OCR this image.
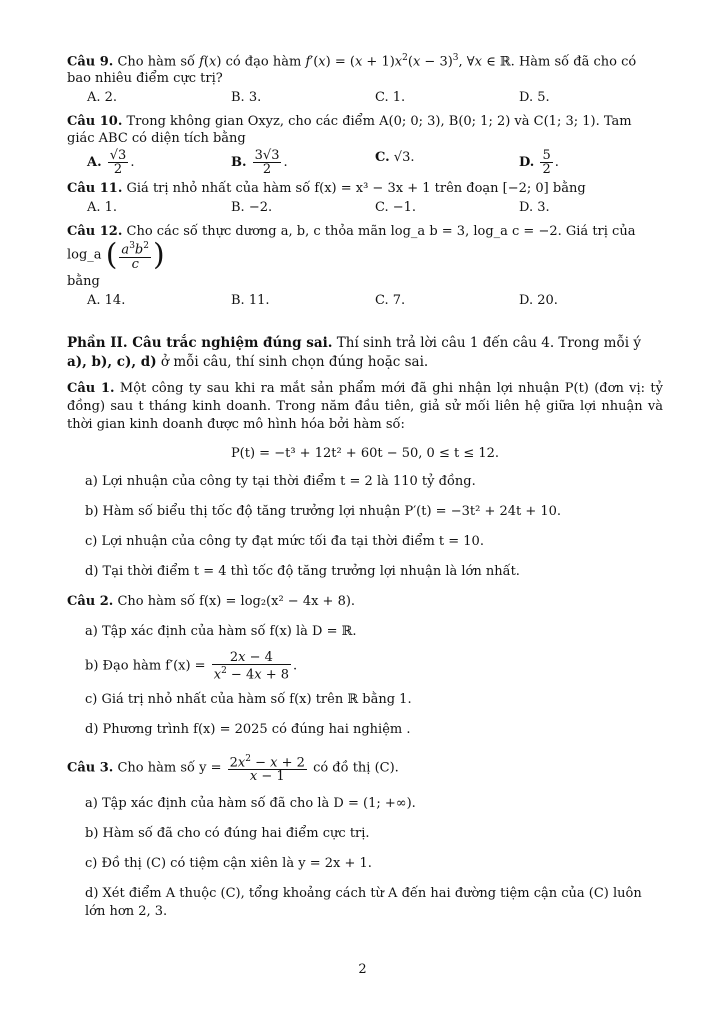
Câu 9. Cho hàm số f(x) có đạo hàm $f'(x) = (x + 1)x^2(x - 3)^3$, ∀x ∈ ℝ. Hàm số đã cho có bao nhiêu điểm cực trị?
A. 2.	B. 3.	C. 1.	D. 5.
Câu 10. Trong không gian Oxyz, cho các điểm A(0; 0; 3), B(0; 1; 2) và C(1; 3; 1). Tam giác ABC có diện tích bằng
A. $\frac{√3}{2}$ .	B. $\frac{3√3}{2}$ .	C. √3.	D. $\frac{5}{2}$ .
Câu 11. Giá trị nhỏ nhất của hàm số f(x) = x³ − 3x + 1 trên đoạn [−2; 0] bằng
A. 1.	B. −2.	C. −1.	D. 3.
Câu 12. Cho các số thực dương a, b, c thỏa mãn log_a b = 3, log_a c = −2. Giá trị của log_a ( $\frac{a^3b^2}{c}$ )
bằng
A. 14.	B. 11.	C. 7.	D. 20.
Phần II. Câu trắc nghiệm đúng sai. Thí sinh trả lời câu 1 đến câu 4. Trong mỗi ý a), b), c), d) ở mỗi câu, thí sinh chọn đúng hoặc sai.
Câu 1. Một công ty sau khi ra mắt sản phẩm mới đã ghi nhận lợi nhuận P(t) (đơn vị: tỷ đồng) sau t tháng kinh doanh. Trong năm đầu tiên, giả sử mối liên hệ giữa lợi nhuận và thời gian kinh doanh được mô hình hóa bởi hàm số:
P(t) = −t³ + 12t² + 60t − 50, 0 ≤ t ≤ 12.
a) Lợi nhuận của công ty tại thời điểm t = 2 là 110 tỷ đồng.
b) Hàm số biểu thị tốc độ tăng trưởng lợi nhuận P′(t) = −3t² + 24t + 10.
c) Lợi nhuận của công ty đạt mức tối đa tại thời điểm t = 10.
d) Tại thời điểm t = 4 thì tốc độ tăng trưởng lợi nhuận là lớn nhất.
Câu 2. Cho hàm số f(x) = log₂(x² − 4x + 8).
a) Tập xác định của hàm số f(x) là D = ℝ.
b) Đạo hàm $f'(x) = \frac{2x - 4}{x^2 - 4x + 8}$ .
c) Giá trị nhỏ nhất của hàm số f(x) trên ℝ bằng 1.
d) Phương trình f(x) = 2025 có đúng hai nghiệm .
Câu 3. Cho hàm số $y = \frac{2x^2 - x + 2}{x - 1}$ có đồ thị (C).
a) Tập xác định của hàm số đã cho là D = (1; +∞).
b) Hàm số đã cho có đúng hai điểm cực trị.
c) Đồ thị (C) có tiệm cận xiên là y = 2x + 1.
d) Xét điểm A thuộc (C), tổng khoảng cách từ A đến hai đường tiệm cận của (C) luôn lớn hơn 2, 3.
2
